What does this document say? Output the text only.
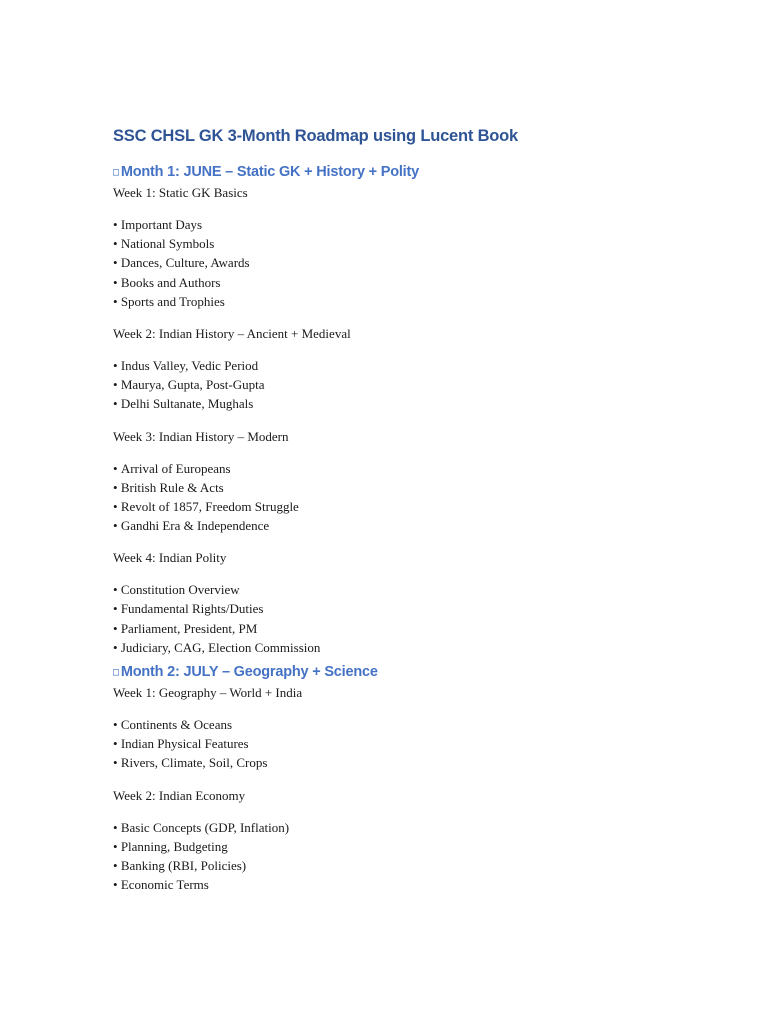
SSC CHSL GK 3-Month Roadmap using Lucent Book
□ Month 1: JUNE – Static GK + History + Polity

Week 1: Static GK Basics

• Important Days
• National Symbols
• Dances, Culture, Awards
• Books and Authors
• Sports and Trophies

Week 2: Indian History – Ancient + Medieval

• Indus Valley, Vedic Period
• Maurya, Gupta, Post-Gupta
• Delhi Sultanate, Mughals

Week 3: Indian History – Modern

• Arrival of Europeans
• British Rule & Acts
• Revolt of 1857, Freedom Struggle
• Gandhi Era & Independence

Week 4: Indian Polity

• Constitution Overview
• Fundamental Rights/Duties
• Parliament, President, PM
• Judiciary, CAG, Election Commission
□ Month 2: JULY – Geography + Science

Week 1: Geography – World + India

• Continents & Oceans
• Indian Physical Features
• Rivers, Climate, Soil, Crops

Week 2: Indian Economy

• Basic Concepts (GDP, Inflation)
• Planning, Budgeting
• Banking (RBI, Policies)
• Economic Terms
